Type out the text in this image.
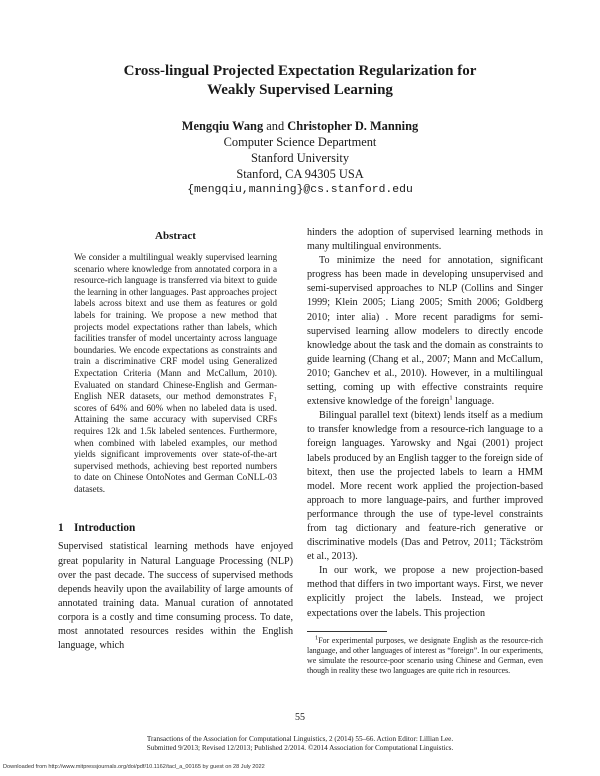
Cross-lingual Projected Expectation Regularization for
Weakly Supervised Learning
Mengqiu Wang and Christopher D. Manning
Computer Science Department
Stanford University
Stanford, CA 94305 USA
{mengqiu,manning}@cs.stanford.edu
Abstract

We consider a multilingual weakly supervised learning scenario where knowledge from annotated corpora in a resource-rich language is transferred via bitext to guide the learning in other languages. Past approaches project labels across bitext and use them as features or gold labels for training. We propose a new method that projects model expectations rather than labels, which facilities transfer of model uncertainty across language boundaries. We encode expectations as constraints and train a discriminative CRF model using Generalized Expectation Criteria (Mann and McCallum, 2010). Evaluated on standard Chinese-English and German-English NER datasets, our method demonstrates F₁ scores of 64% and 60% when no labeled data is used. Attaining the same accuracy with supervised CRFs requires 12k and 1.5k labeled sentences. Furthermore, when combined with labeled examples, our method yields significant improvements over state-of-the-art supervised methods, achieving best reported numbers to date on Chinese OntoNotes and German CoNLL-03 datasets.

1 Introduction

Supervised statistical learning methods have enjoyed great popularity in Natural Language Processing (NLP) over the past decade. The success of supervised methods depends heavily upon the availability of large amounts of annotated training data. Manual curation of annotated corpora is a costly and time consuming process. To date, most annotated resources resides within the English language, which

hinders the adoption of supervised learning methods in many multilingual environments.

To minimize the need for annotation, significant progress has been made in developing unsupervised and semi-supervised approaches to NLP (Collins and Singer 1999; Klein 2005; Liang 2005; Smith 2006; Goldberg 2010; inter alia) . More recent paradigms for semi-supervised learning allow modelers to directly encode knowledge about the task and the domain as constraints to guide learning (Chang et al., 2007; Mann and McCallum, 2010; Ganchev et al., 2010). However, in a multilingual setting, coming up with effective constraints require extensive knowledge of the foreign$^1$ language.

Bilingual parallel text (bitext) lends itself as a medium to transfer knowledge from a resource-rich language to a foreign languages. Yarowsky and Ngai (2001) project labels produced by an English tagger to the foreign side of bitext, then use the projected labels to learn a HMM model. More recent work applied the projection-based approach to more language-pairs, and further improved performance through the use of type-level constraints from tag dictionary and feature-rich generative or discriminative models (Das and Petrov, 2011; Täckström et al., 2013).

In our work, we propose a new projection-based method that differs in two important ways. First, we never explicitly project the labels. Instead, we project expectations over the labels. This projection

$^1$For experimental purposes, we designate English as the resource-rich language, and other languages of interest as “foreign”. In our experiments, we simulate the resource-poor scenario using Chinese and German, even though in reality these two languages are quite rich in resources.

55
Transactions of the Association for Computational Linguistics, 2 (2014) 55–66. Action Editor: Lillian Lee.
Submitted 9/2013; Revised 12/2013; Published 2/2014. ©2014 Association for Computational Linguistics.
Downloaded from http://www.mitpressjournals.org/doi/pdf/10.1162/tacl_a_00165 by guest on 28 July 2022
